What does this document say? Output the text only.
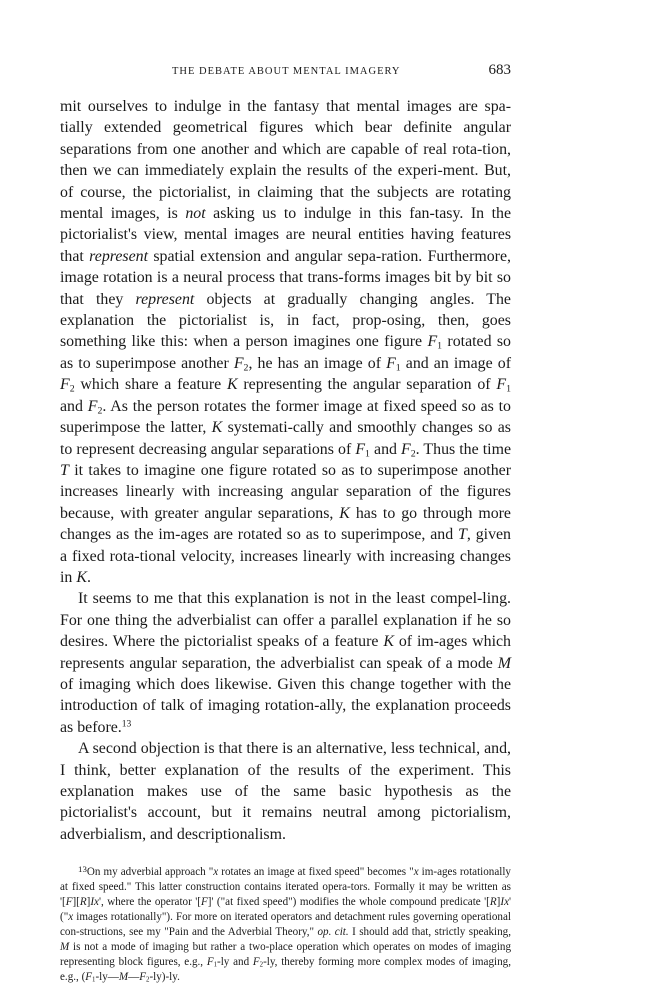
THE DEBATE ABOUT MENTAL IMAGERY	683

mit ourselves to indulge in the fantasy that mental images are spa-tially extended geometrical figures which bear definite angular separations from one another and which are capable of real rota-tion, then we can immediately explain the results of the experi-ment. But, of course, the pictorialist, in claiming that the subjects are rotating mental images, is not asking us to indulge in this fan-tasy. In the pictorialist's view, mental images are neural entities having features that represent spatial extension and angular sepa-ration. Furthermore, image rotation is a neural process that trans-forms images bit by bit so that they represent objects at gradually changing angles. The explanation the pictorialist is, in fact, prop-osing, then, goes something like this: when a person imagines one figure $F_1$ rotated so as to superimpose another $F_2$, he has an image of $F_1$ and an image of $F_2$ which share a feature K representing the angular separation of $F_1$ and $F_2$. As the person rotates the former image at fixed speed so as to superimpose the latter, K systemati-cally and smoothly changes so as to represent decreasing angular separations of $F_1$ and $F_2$. Thus the time T it takes to imagine one figure rotated so as to superimpose another increases linearly with increasing angular separation of the figures because, with greater angular separations, K has to go through more changes as the im-ages are rotated so as to superimpose, and T, given a fixed rota-tional velocity, increases linearly with increasing changes in K.

It seems to me that this explanation is not in the least compel-ling. For one thing the adverbialist can offer a parallel explanation if he so desires. Where the pictorialist speaks of a feature K of im-ages which represents angular separation, the adverbialist can speak of a mode M of imaging which does likewise. Given this change together with the introduction of talk of imaging rotation-ally, the explanation proceeds as before.$^{13}$

A second objection is that there is an alternative, less technical, and, I think, better explanation of the results of the experiment. This explanation makes use of the same basic hypothesis as the pictorialist's account, but it remains neutral among pictorialism, adverbialism, and descriptionalism.

$^{13}$On my adverbial approach "x rotates an image at fixed speed" becomes "x im-ages rotationally at fixed speed." This latter construction contains iterated opera-tors. Formally it may be written as '[F][R]Ix', where the operator '[F]' ("at fixed speed") modifies the whole compound predicate '[R]Ix' ("x images rotationally"). For more on iterated operators and detachment rules governing operational con-structions, see my "Pain and the Adverbial Theory," op. cit. I should add that, strictly speaking, M is not a mode of imaging but rather a two-place operation which operates on modes of imaging representing block figures, e.g., $F_1-ly$ and $F_2-ly$, thereby forming more complex modes of imaging, e.g., $(F_1-ly—M—F_2-ly)-ly$.
